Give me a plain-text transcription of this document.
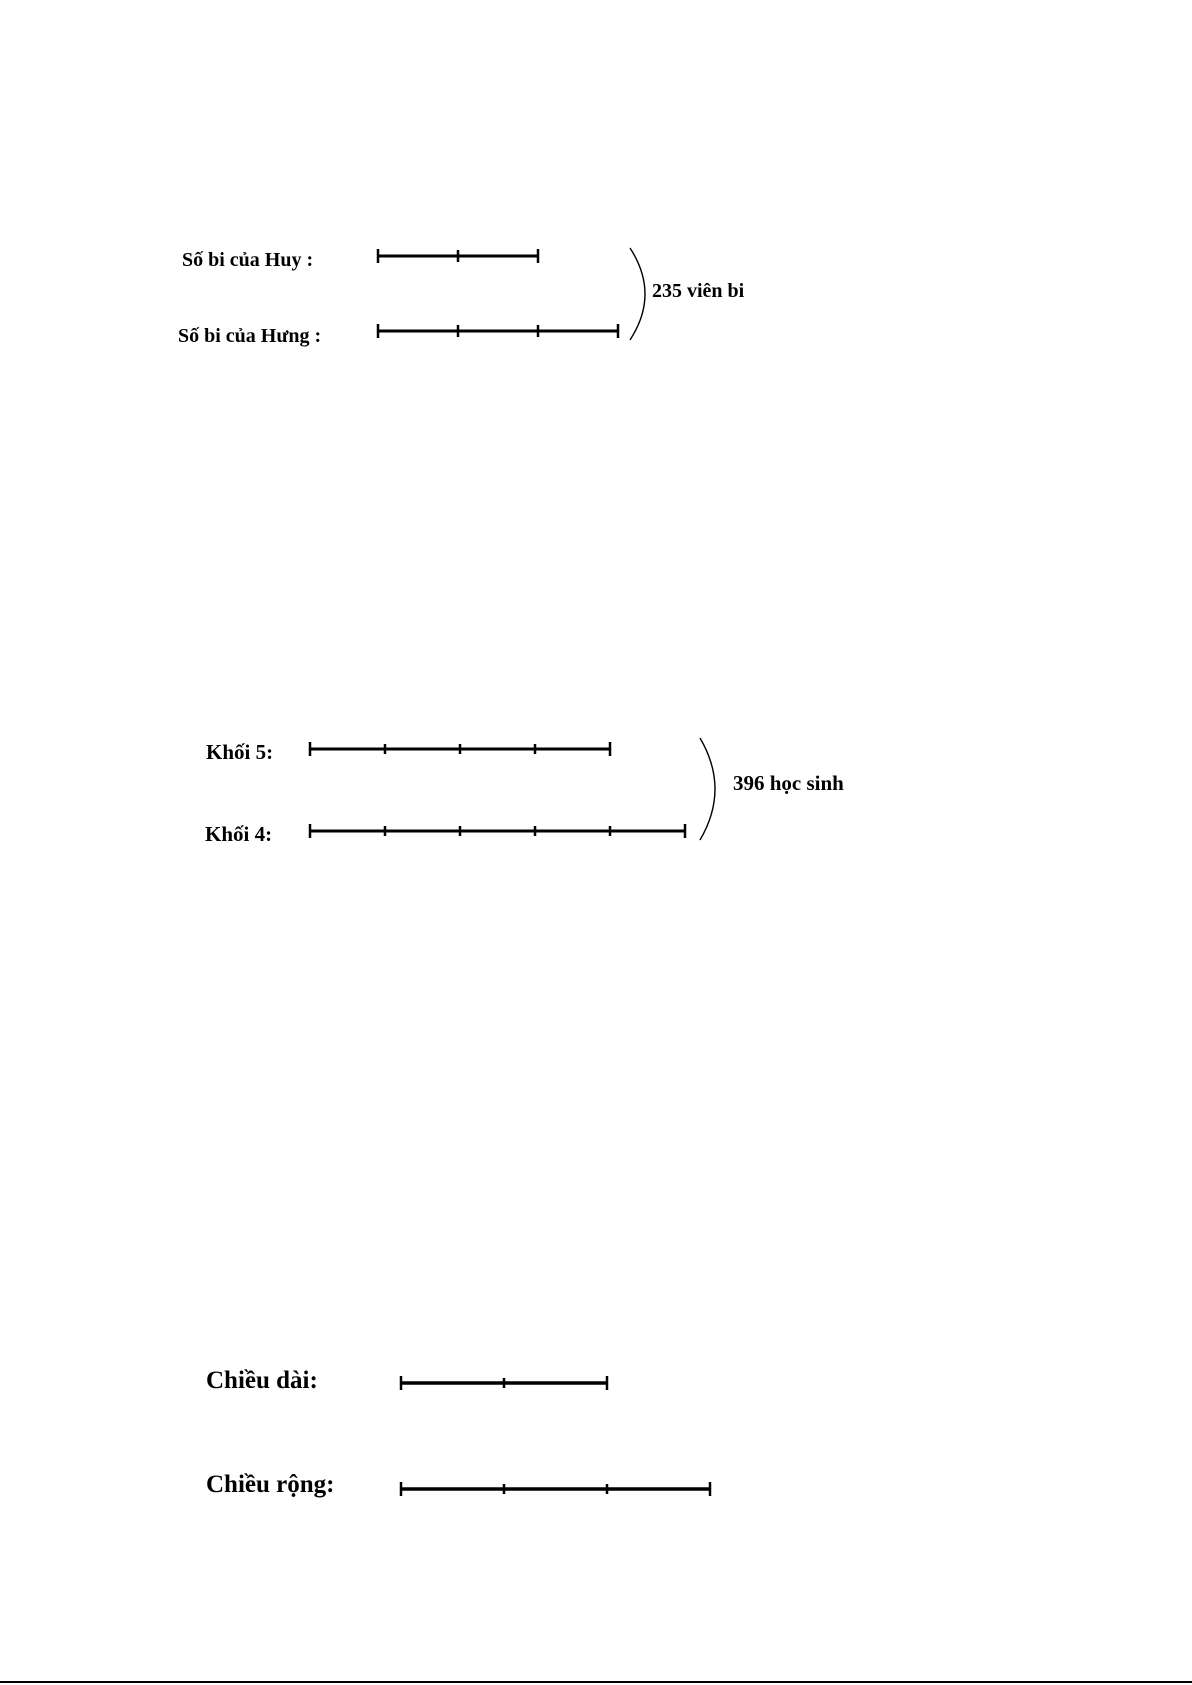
Số bi của Huy :
Số bi của Hưng :
235 viên bi
Khối 5:
Khối 4:
396 học sinh
Chiều dài:
Chiều rộng:
